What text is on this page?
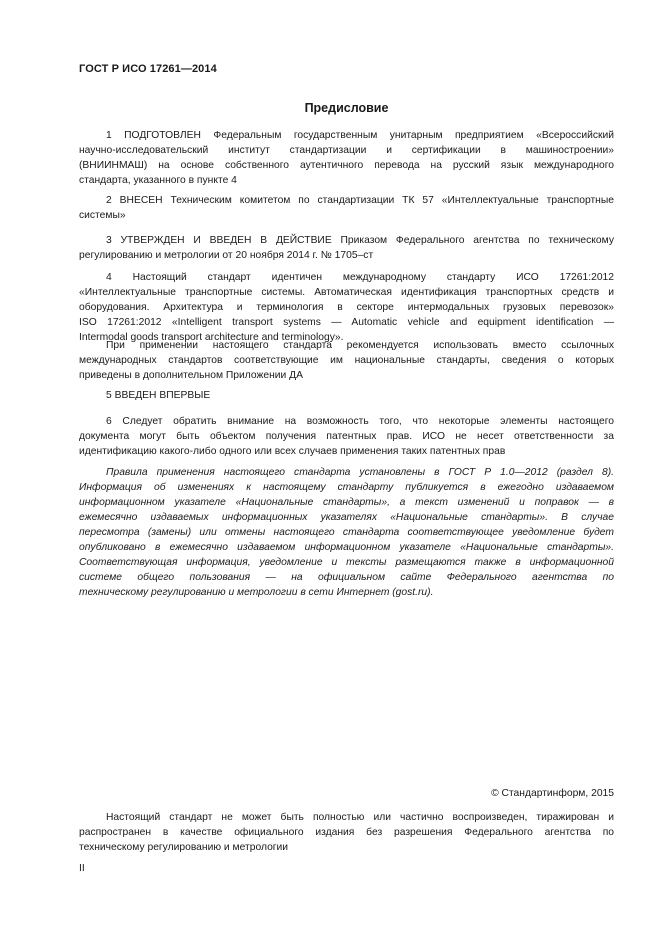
ГОСТ Р ИСО 17261—2014
Предисловие
1 ПОДГОТОВЛЕН Федеральным государственным унитарным предприятием «Всероссийский
научно-исследовательский институт стандартизации и сертификации в машиностроении»
(ВНИИНМАШ) на основе собственного аутентичного перевода на русский язык международного
стандарта, указанного в пункте 4
2 ВНЕСЕН Техническим комитетом по стандартизации ТК 57 «Интеллектуальные транспортные
системы»
3 УТВЕРЖДЕН И ВВЕДЕН В ДЕЙСТВИЕ Приказом Федерального агентства по техническому
регулированию и метрологии от 20 ноября 2014 г. № 1705–ст
4 Настоящий стандарт идентичен международному стандарту ИСО 17261:2012
«Интеллектуальные транспортные системы. Автоматическая идентификация транспортных средств и
оборудования. Архитектура и терминология в секторе интермодальных грузовых перевозок»
ISO 17261:2012 «Intelligent transport systems — Automatic vehicle and equipment identification —
Intermodal goods transport architecture and terminology».
При применении настоящего стандарта рекомендуется использовать вместо ссылочных
международных стандартов соответствующие им национальные стандарты, сведения о которых
приведены в дополнительном Приложении ДА
5 ВВЕДЕН ВПЕРВЫЕ
6 Следует обратить внимание на возможность того, что некоторые элементы настоящего
документа могут быть объектом получения патентных прав. ИСО не несет ответственности за
идентификацию какого-либо одного или всех случаев применения таких патентных прав
Правила применения настоящего стандарта установлены в ГОСТ Р 1.0—2012 (раздел 8).
Информация об изменениях к настоящему стандарту публикуется в ежегодно издаваемом
информационном указателе «Национальные стандарты», а текст изменений и поправок — в
ежемесячно издаваемых информационных указателях «Национальные стандарты». В случае
пересмотра (замены) или отмены настоящего стандарта соответствующее уведомление будет
опубликовано в ежемесячно издаваемом информационном указателе «Национальные стандарты».
Соответствующая информация, уведомление и тексты размещаются также в информационной
системе общего пользования — на официальном сайте Федерального агентства по
техническому регулированию и метрологии в сети Интернет (gost.ru).
© Стандартинформ, 2015
Настоящий стандарт не может быть полностью или частично воспроизведен, тиражирован и
распространен в качестве официального издания без разрешения Федерального агентства по
техническому регулированию и метрологии
II
